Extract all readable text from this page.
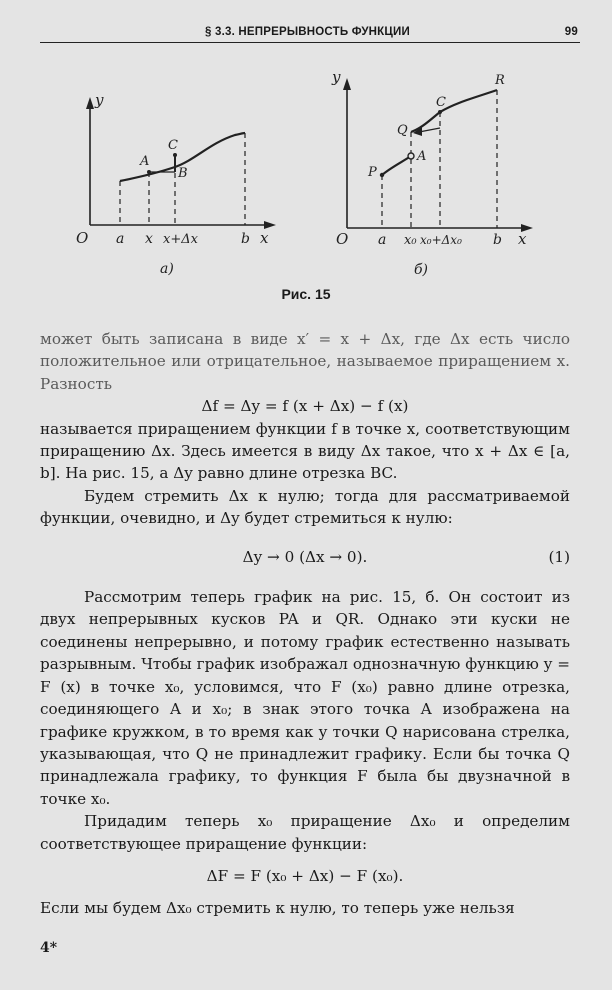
§ 3.3. НЕПРЕРЫВНОСТЬ ФУНКЦИИ	99
y
x
O a x x+Δx	b
A
B
C
а)
y
x
O a x₀ x₀+Δx₀ b
P
A
Q
C
R
б)
Рис. 15

может быть записана в виде x′ = x + Δx, где Δx есть число положительное или отрицательное, называемое приращением x. Разность

Δf = Δy = f (x + Δx) − f (x)

называется приращением функции f в точке x, соответствующим приращению Δx. Здесь имеется в виду Δx такое, что x + Δx ∈ [a, b]. На рис. 15, а Δy равно длине отрезка BC.

Будем стремить Δx к нулю; тогда для рассматриваемой функции, очевидно, и Δy будет стремиться к нулю:

Δy → 0 (Δx → 0).	(1)

Рассмотрим теперь график на рис. 15, б. Он состоит из двух непрерывных кусков PA и QR. Однако эти куски не соединены непрерывно, и потому график естественно называть разрывным. Чтобы график изображал однозначную функцию y = F (x) в точке x₀, условимся, что F (x₀) равно длине отрезка, соединяющего A и x₀; в знак этого точка A изображена на графике кружком, в то время как у точки Q нарисована стрелка, указывающая, что Q не принадлежит графику. Если бы точка Q принадлежала графику, то функция F была бы двузначной в точке x₀.

Придадим теперь x₀ приращение Δx₀ и определим соответствующее приращение функции:

ΔF = F (x₀ + Δx) − F (x₀).

Если мы будем Δx₀ стремить к нулю, то теперь уже нельзя

4*
